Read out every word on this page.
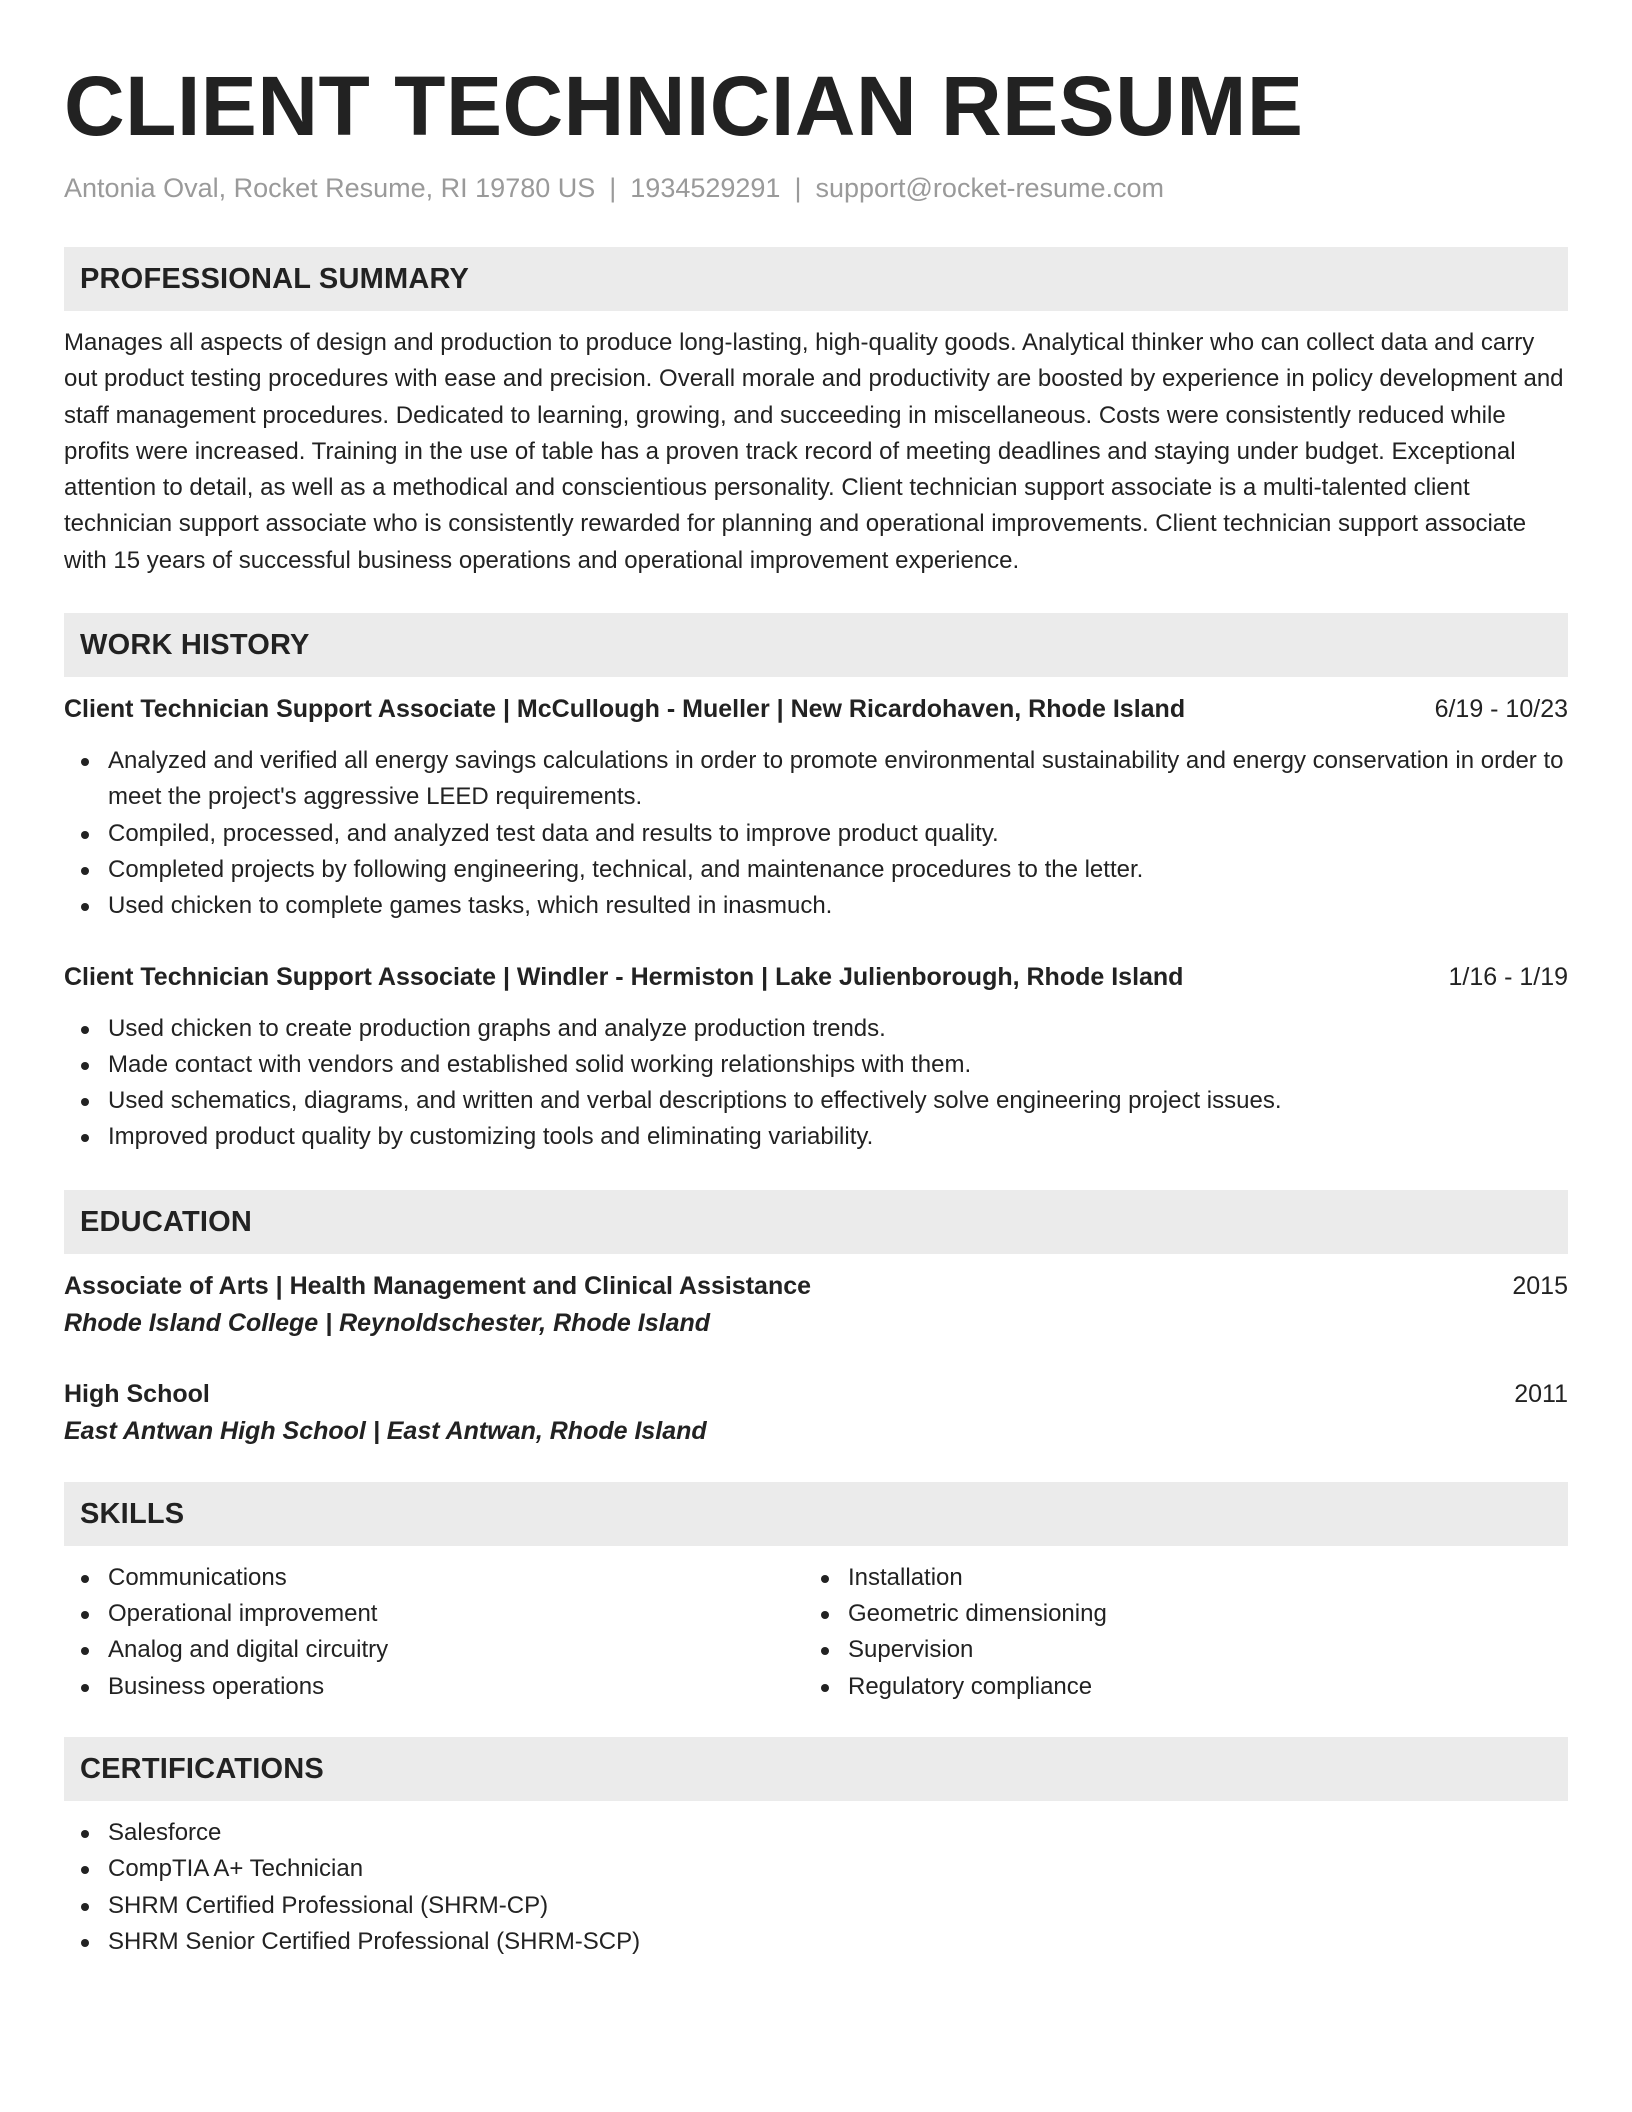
CLIENT TECHNICIAN RESUME
Antonia Oval, Rocket Resume, RI 19780 US | 1934529291 | support@rocket-resume.com
PROFESSIONAL SUMMARY
Manages all aspects of design and production to produce long-lasting, high-quality goods. Analytical thinker who can collect data and carry out product testing procedures with ease and precision. Overall morale and productivity are boosted by experience in policy development and staff management procedures. Dedicated to learning, growing, and succeeding in miscellaneous. Costs were consistently reduced while profits were increased. Training in the use of table has a proven track record of meeting deadlines and staying under budget. Exceptional attention to detail, as well as a methodical and conscientious personality. Client technician support associate is a multi-talented client technician support associate who is consistently rewarded for planning and operational improvements. Client technician support associate with 15 years of successful business operations and operational improvement experience.
WORK HISTORY
Client Technician Support Associate | McCullough - Mueller | New Ricardohaven, Rhode Island	6/19 - 10/23
Analyzed and verified all energy savings calculations in order to promote environmental sustainability and energy conservation in order to meet the project's aggressive LEED requirements.
Compiled, processed, and analyzed test data and results to improve product quality.
Completed projects by following engineering, technical, and maintenance procedures to the letter.
Used chicken to complete games tasks, which resulted in inasmuch.
Client Technician Support Associate | Windler - Hermiston | Lake Julienborough, Rhode Island	1/16 - 1/19
Used chicken to create production graphs and analyze production trends.
Made contact with vendors and established solid working relationships with them.
Used schematics, diagrams, and written and verbal descriptions to effectively solve engineering project issues.
Improved product quality by customizing tools and eliminating variability.
EDUCATION
Associate of Arts | Health Management and Clinical Assistance	2015
Rhode Island College | Reynoldschester, Rhode Island
High School	2011
East Antwan High School | East Antwan, Rhode Island
SKILLS
Communications
Operational improvement
Analog and digital circuitry
Business operations
Installation
Geometric dimensioning
Supervision
Regulatory compliance
CERTIFICATIONS
Salesforce
CompTIA A+ Technician
SHRM Certified Professional (SHRM-CP)
SHRM Senior Certified Professional (SHRM-SCP)
